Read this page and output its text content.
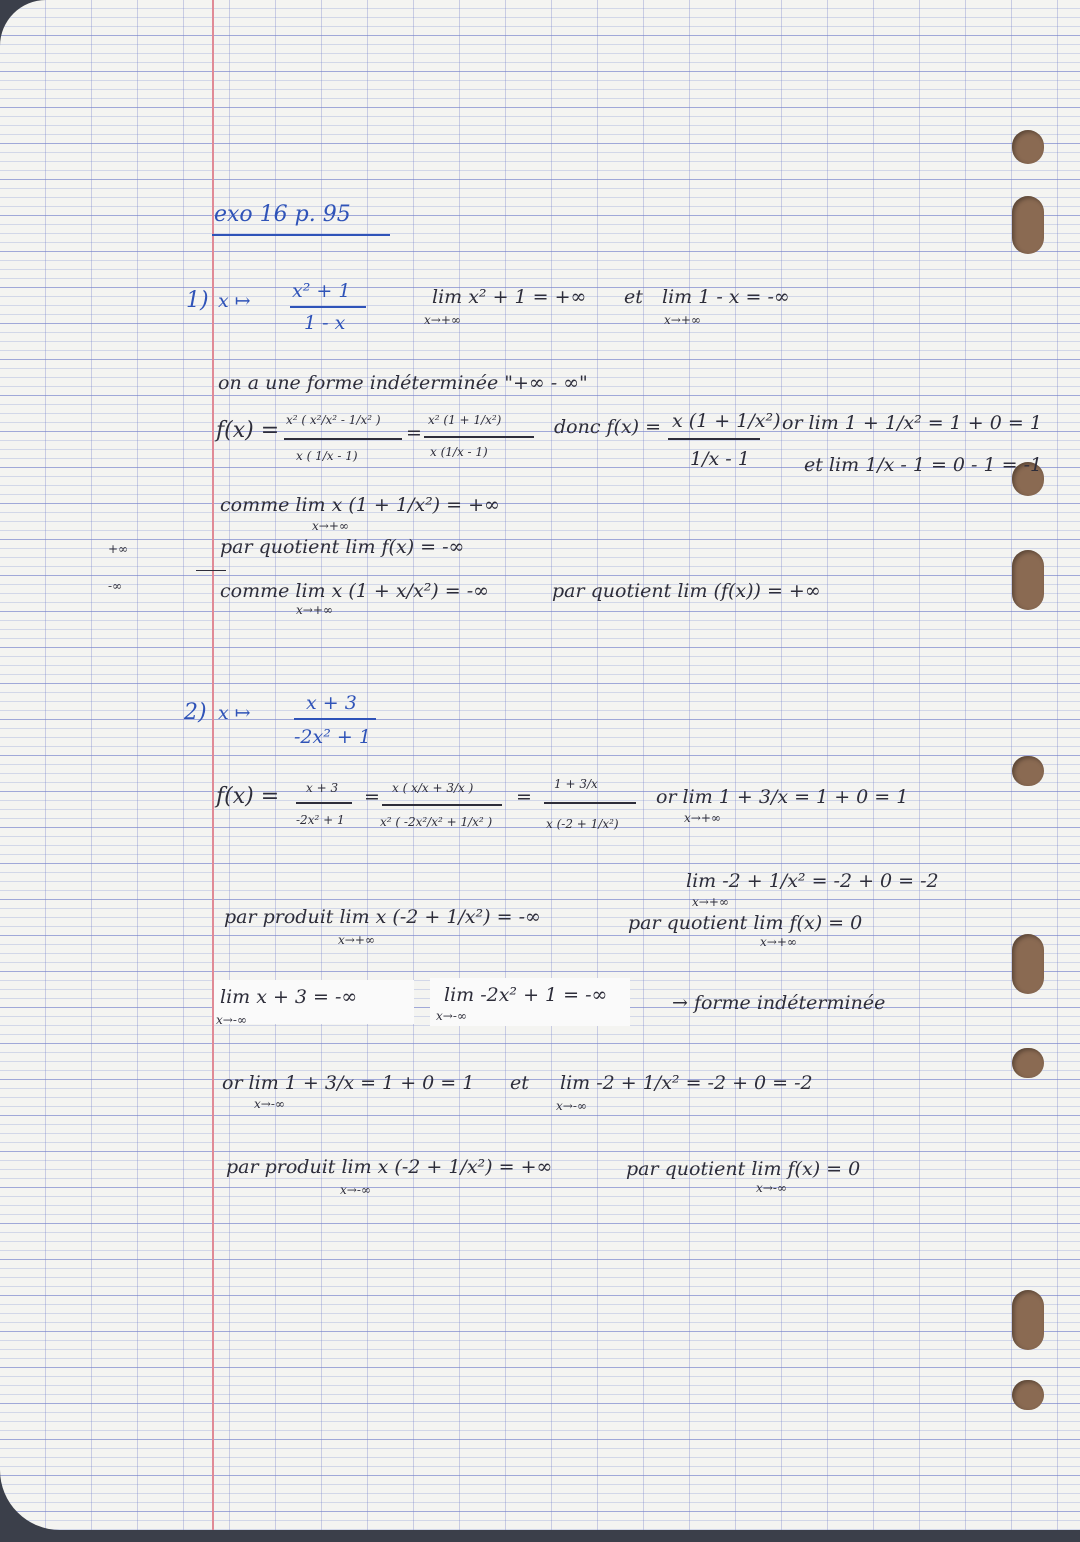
exo 16 p. 95
+∞
-∞
1) x ↦ x² + 1
1 - x
lim x² + 1 = +∞
x→+∞
et lim 1 - x = -∞
x→+∞
on a une forme indéterminée "+∞ - ∞"
f(x) = x² ( x²/x² - 1/x² )
x ( 1/x - 1)
=
x² (1 + 1/x²)
x (1/x - 1)
donc f(x) = x (1 + 1/x²)
1/x - 1
or lim 1 + 1/x² = 1 + 0 = 1
et lim 1/x - 1 = 0 - 1 = -1
comme lim x (1 + 1/x²) = +∞
x→+∞
par quotient lim f(x) = -∞
comme lim x (1 + x/x²) = -∞
x→+∞
par quotient lim (f(x)) = +∞
2) x ↦	x + 3
-2x² + 1
f(x) = x + 3
-2x² + 1
= x ( x/x + 3/x )
x² ( -2x²/x² + 1/x² )
=
1 + 3/x
x (-2 + 1/x²)
or lim 1 + 3/x = 1 + 0 = 1
x→+∞
lim -2 + 1/x² = -2 + 0 = -2
x→+∞
par produit lim x (-2 + 1/x²) = -∞
x→+∞
par quotient lim f(x) = 0
x→+∞
lim x + 3 = -∞
x→-∞
lim -2x² + 1 = -∞
x→-∞
→ forme indéterminée
or lim 1 + 3/x = 1 + 0 = 1
x→-∞
et lim -2 + 1/x² = -2 + 0 = -2
x→-∞
par produit lim x (-2 + 1/x²) = +∞
x→-∞
par quotient lim f(x) = 0
x→-∞
